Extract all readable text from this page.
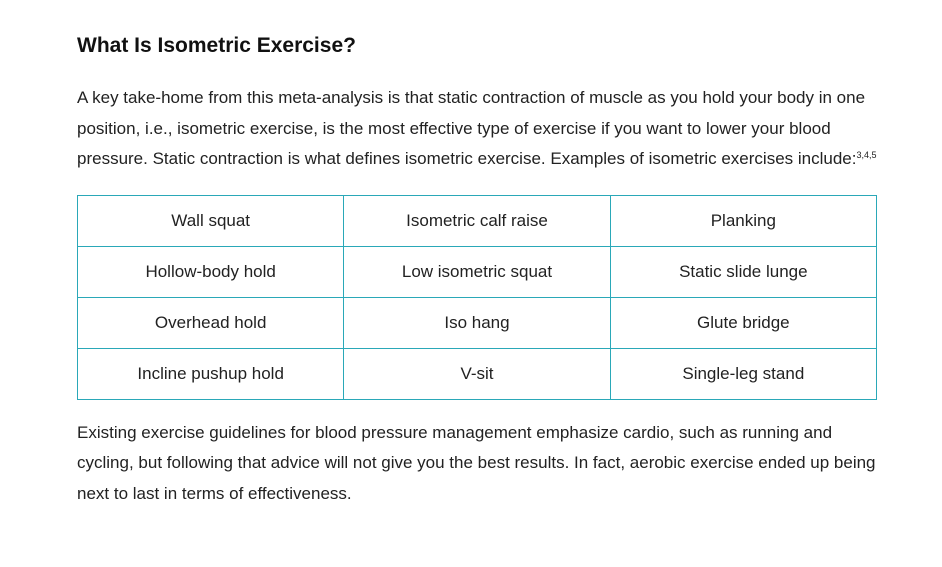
What Is Isometric Exercise?

A key take-home from this meta-analysis is that static contraction of muscle as you hold your body in one position, i.e., isometric exercise, is the most effective type of exercise if you want to lower your blood pressure. Static contraction is what defines isometric exercise. Examples of isometric exercises include:$^{3,4,5}$

Wall squat	Isometric calf raise	Planking
Hollow-body hold	Low isometric squat	Static slide lunge
Overhead hold	Iso hang	Glute bridge
Incline pushup hold	V-sit	Single-leg stand

Existing exercise guidelines for blood pressure management emphasize cardio, such as running and cycling, but following that advice will not give you the best results. In fact, aerobic exercise ended up being next to last in terms of effectiveness.
